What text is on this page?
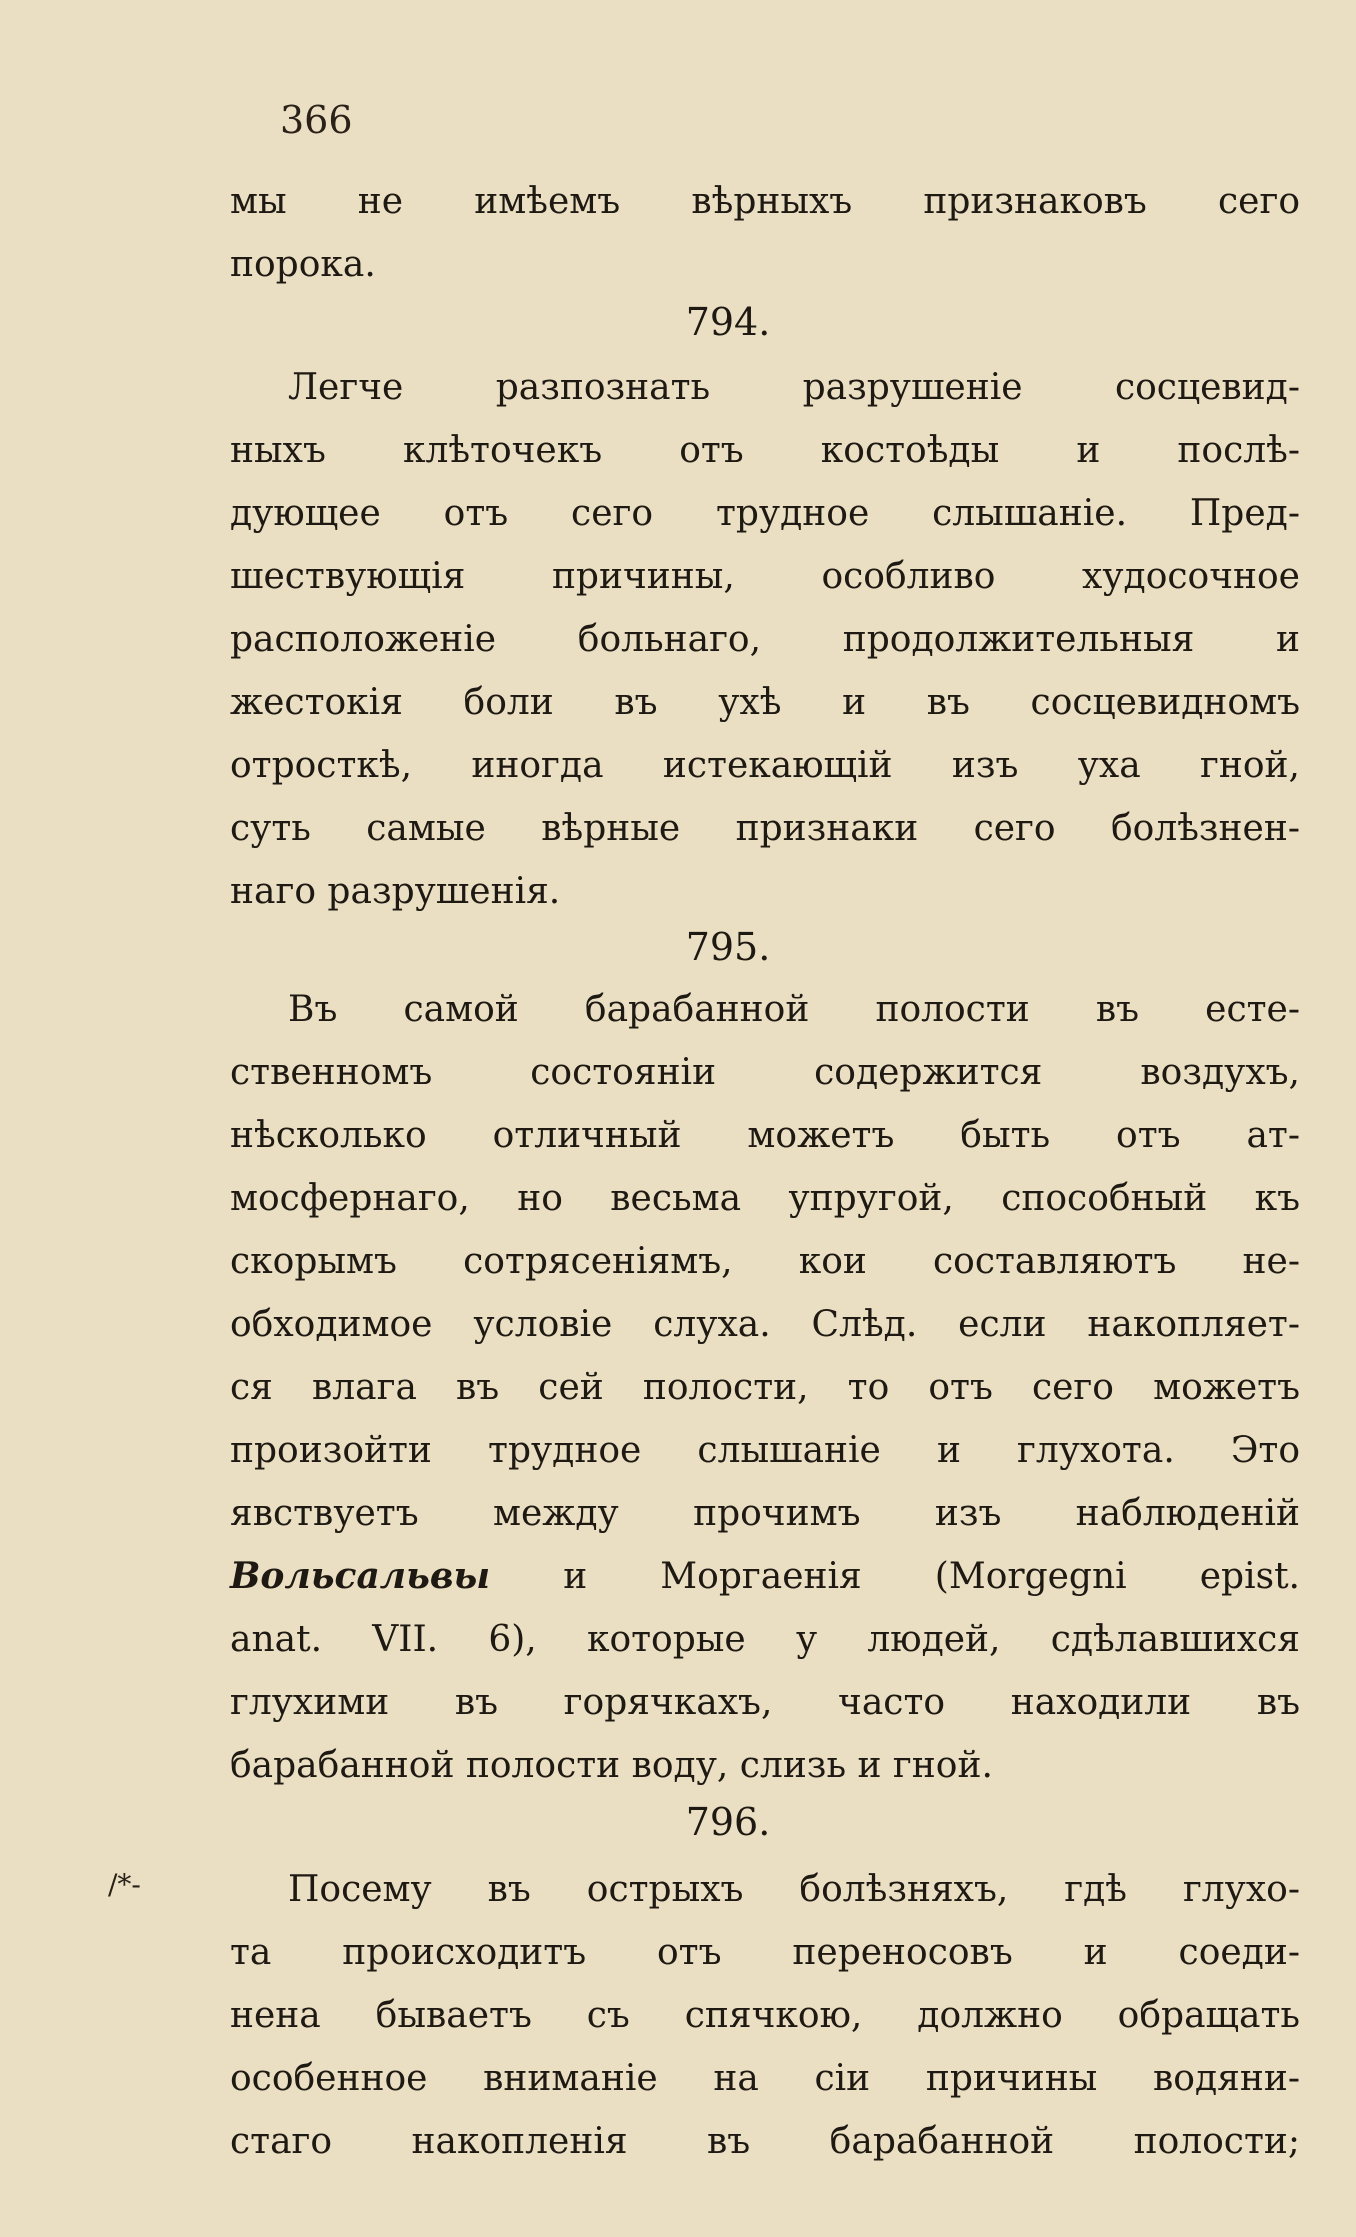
366
мы не имѣемъ вѣрныхъ признаковъ сего
порока.
794.
Легче разпознать разрушеніе сосцевид-
ныхъ клѣточекъ отъ костоѣды и послѣ-
дующее отъ сего трудное слышаніе. Пред-
шествующія причины, особливо худосочное
расположеніе больнаго, продолжительныя и
жестокія боли въ ухѣ и въ сосцевидномъ
отросткѣ, иногда истекающій изъ уха гной,
суть самые вѣрные признаки сего болѣзнен-
наго разрушенія.
795.
Въ самой барабанной полости въ есте-
ственномъ состояніи содержится воздухъ,
нѣсколько отличный можетъ быть отъ ат-
мосфернаго, но весьма упругой, способный къ
скорымъ сотрясеніямъ, кои составляютъ не-
обходимое условіе слуха. Слѣд. если накопляет-
ся влага въ сей полости, то отъ сего можетъ
произойти трудное слышаніе и глухота. Это
явствуетъ между прочимъ изъ наблюденій
Вольсальвы и Моргаенія (Morgegni epist.
anat. VII. 6), которые у людей, сдѣлавшихся
глухими въ горячкахъ, часто находили въ
барабанной полости воду, слизь и гной.
796.
Посему въ острыхъ болѣзняхъ, гдѣ глухо-
та происходитъ отъ переносовъ и соеди-
нена бываетъ съ спячкою, должно обращать
особенное вниманіе на сіи причины водяни-
стаго накопленія въ барабанной полости;
/*-
